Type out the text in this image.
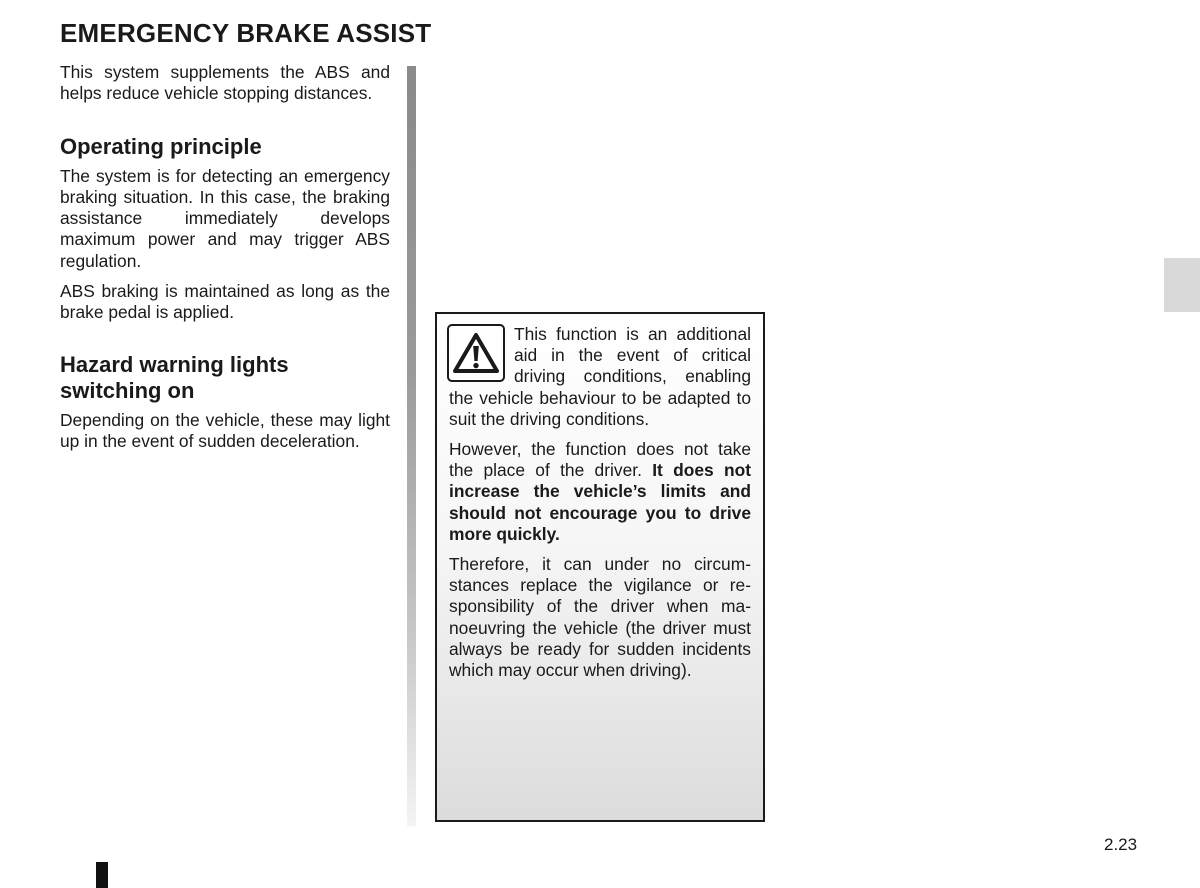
EMERGENCY BRAKE ASSIST

This system supplements the ABS and helps reduce vehicle stopping distances.

Operating principle

The system is for detecting an emergency braking situation. In this case, the braking assistance immediately develops maximum power and may trigger ABS regulation.

ABS braking is maintained as long as the brake pedal is applied.

Hazard warning lights switching on

Depending on the vehicle, these may light up in the event of sudden deceleration.

This function is an additional aid in the event of critical driving conditions, enabling the vehicle behaviour to be adapted to suit the driving conditions.

However, the function does not take the place of the driver. It does not increase the vehicle’s limits and should not encourage you to drive more quickly.

Therefore, it can under no circumstances replace the vigilance or responsibility of the driver when manoeuvring the vehicle (the driver must always be ready for sudden incidents which may occur when driving).

2.23
